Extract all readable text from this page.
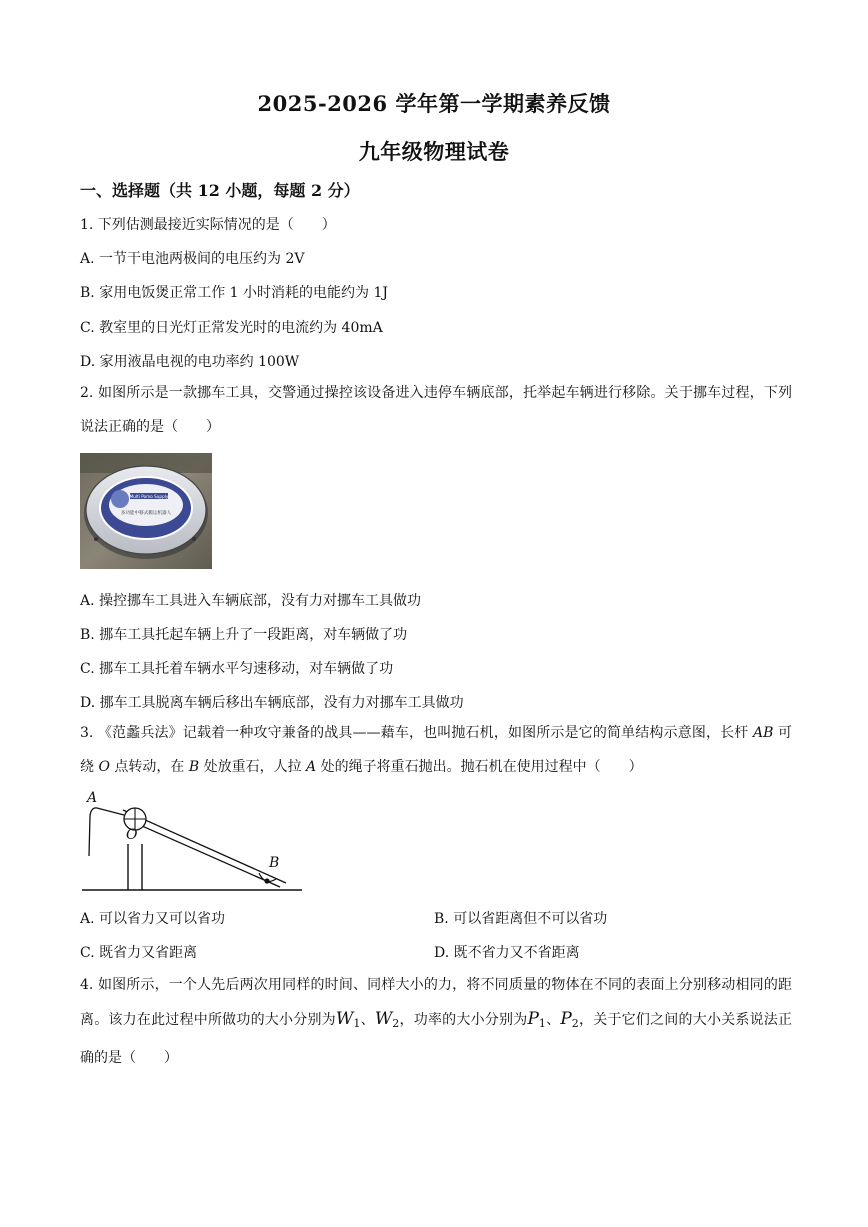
2025-2026 学年第一学期素养反馈
九年级物理试卷
一、选择题（共 12 小题，每题 2 分）
1. 下列估测最接近实际情况的是（　　）
A. 一节干电池两极间的电压约为 2V
B. 家用电饭煲正常工作 1 小时消耗的电能约为 1J
C. 教室里的日光灯正常发光时的电流约为 40mA
D. 家用液晶电视的电功率约 100W
2. 如图所示是一款挪车工具，交警通过操控该设备进入违停车辆底部，托举起车辆进行移除。关于挪车过程，下列说法正确的是（　　）
Multi Pomo Supply
多功能中移式搬运机器人
A. 操控挪车工具进入车辆底部，没有力对挪车工具做功
B. 挪车工具托起车辆上升了一段距离，对车辆做了功
C. 挪车工具托着车辆水平匀速移动，对车辆做了功
D. 挪车工具脱离车辆后移出车辆底部，没有力对挪车工具做功
3. 《范蠡兵法》记载着一种攻守兼备的战具——藉车，也叫抛石机，如图所示是它的简单结构示意图，长杆 AB 可绕 O 点转动，在 B 处放重石，人拉 A 处的绳子将重石抛出。抛石机在使用过程中（　　）
A
O
B
A. 可以省力又可以省功	B. 可以省距离但不可以省功
C. 既省力又省距离	D. 既不省力又不省距离
4. 如图所示，一个人先后两次用同样的时间、同样大小的力，将不同质量的物体在不同的表面上分别移动相同的距离。该力在此过程中所做功的大小分别为$W_1$、$W_2$，功率的大小分别为$P_1$、$P_2$，关于它们之间的大小关系说法正确的是（　　）
